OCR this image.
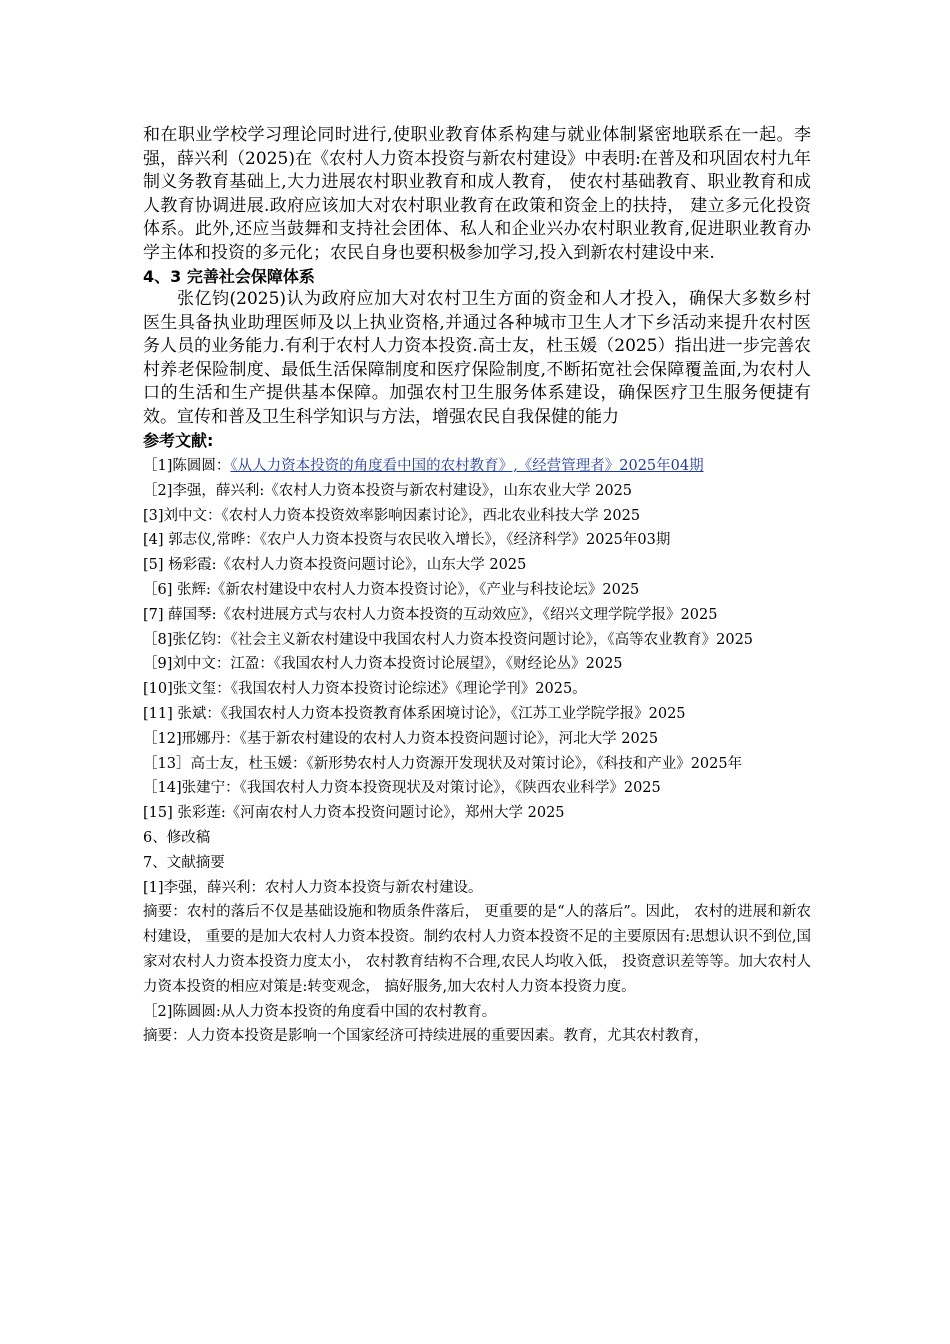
和在职业学校学习理论同时进行,使职业教育体系构建与就业体制紧密地联系在一起。李强，薛兴利（2025)在《农村人力资本投资与新农村建设》中表明:在普及和巩固农村九年制义务教育基础上,大力进展农村职业教育和成人教育， 使农村基础教育、职业教育和成人教育协调进展.政府应该加大对农村职业教育在政策和资金上的扶持， 建立多元化投资体系。此外,还应当鼓舞和支持社会团体、私人和企业兴办农村职业教育,促进职业教育办学主体和投资的多元化；农民自身也要积极参加学习,投入到新农村建设中来.

4、3 完善社会保障体系

张亿钧(2025)认为政府应加大对农村卫生方面的资金和人才投入，确保大多数乡村医生具备执业助理医师及以上执业资格,并通过各种城市卫生人才下乡活动来提升农村医务人员的业务能力.有利于农村人力资本投资.高士友，杜玉媛（2025）指出进一步完善农村养老保险制度、最低生活保障制度和医疗保险制度,不断拓宽社会保障覆盖面,为农村人口的生活和生产提供基本保障。加强农村卫生服务体系建设，确保医疗卫生服务便捷有效。宣传和普及卫生科学知识与方法，增强农民自我保健的能力

参考文献:

［1]陈圆圆：《从人力资本投资的角度看中国的农村教育》,《经营管理者》2025年04期

［2]李强，薛兴利:《农村人力资本投资与新农村建设》，山东农业大学 2025

[3]刘中文：《农村人力资本投资效率影响因素讨论》，西北农业科技大学 2025

[4] 郭志仪,常晔：《农户人力资本投资与农民收入增长》，《经济科学》2025年03期

[5] 杨彩霞:《农村人力资本投资问题讨论》，山东大学 2025

［6] 张辉:《新农村建设中农村人力资本投资讨论》，《产业与科技论坛》2025

[7] 薛国琴:《农村进展方式与农村人力资本投资的互动效应》，《绍兴文理学院学报》2025

［8]张亿钧：《社会主义新农村建设中我国农村人力资本投资问题讨论》，《高等农业教育》2025

［9]刘中文：江盈：《我国农村人力资本投资讨论展望》，《财经论丛》2025

[10]张文玺：《我国农村人力资本投资讨论综述》《理论学刊》2025。

[11] 张斌：《我国农村人力资本投资教育体系困境讨论》，《江苏工业学院学报》2025

［12]邢娜丹：《基于新农村建设的农村人力资本投资问题讨论》，河北大学 2025

［13］高士友，杜玉媛：《新形势农村人力资源开发现状及对策讨论》，《科技和产业》2025年

［14]张建宁：《我国农村人力资本投资现状及对策讨论》，《陕西农业科学》2025

[15] 张彩莲:《河南农村人力资本投资问题讨论》，郑州大学 2025

6、修改稿

7、文献摘要

[1]李强，薛兴利：农村人力资本投资与新农村建设。

摘要：农村的落后不仅是基础设施和物质条件落后， 更重要的是“人的落后”。因此， 农村的进展和新农村建设， 重要的是加大农村人力资本投资。制约农村人力资本投资不足的主要原因有:思想认识不到位,国家对农村人力资本投资力度太小， 农村教育结构不合理,农民人均收入低， 投资意识差等等。加大农村人力资本投资的相应对策是:转变观念， 搞好服务,加大农村人力资本投资力度。

［2]陈圆圆:从人力资本投资的角度看中国的农村教育。

摘要：人力资本投资是影响一个国家经济可持续进展的重要因素。教育，尤其农村教育，
